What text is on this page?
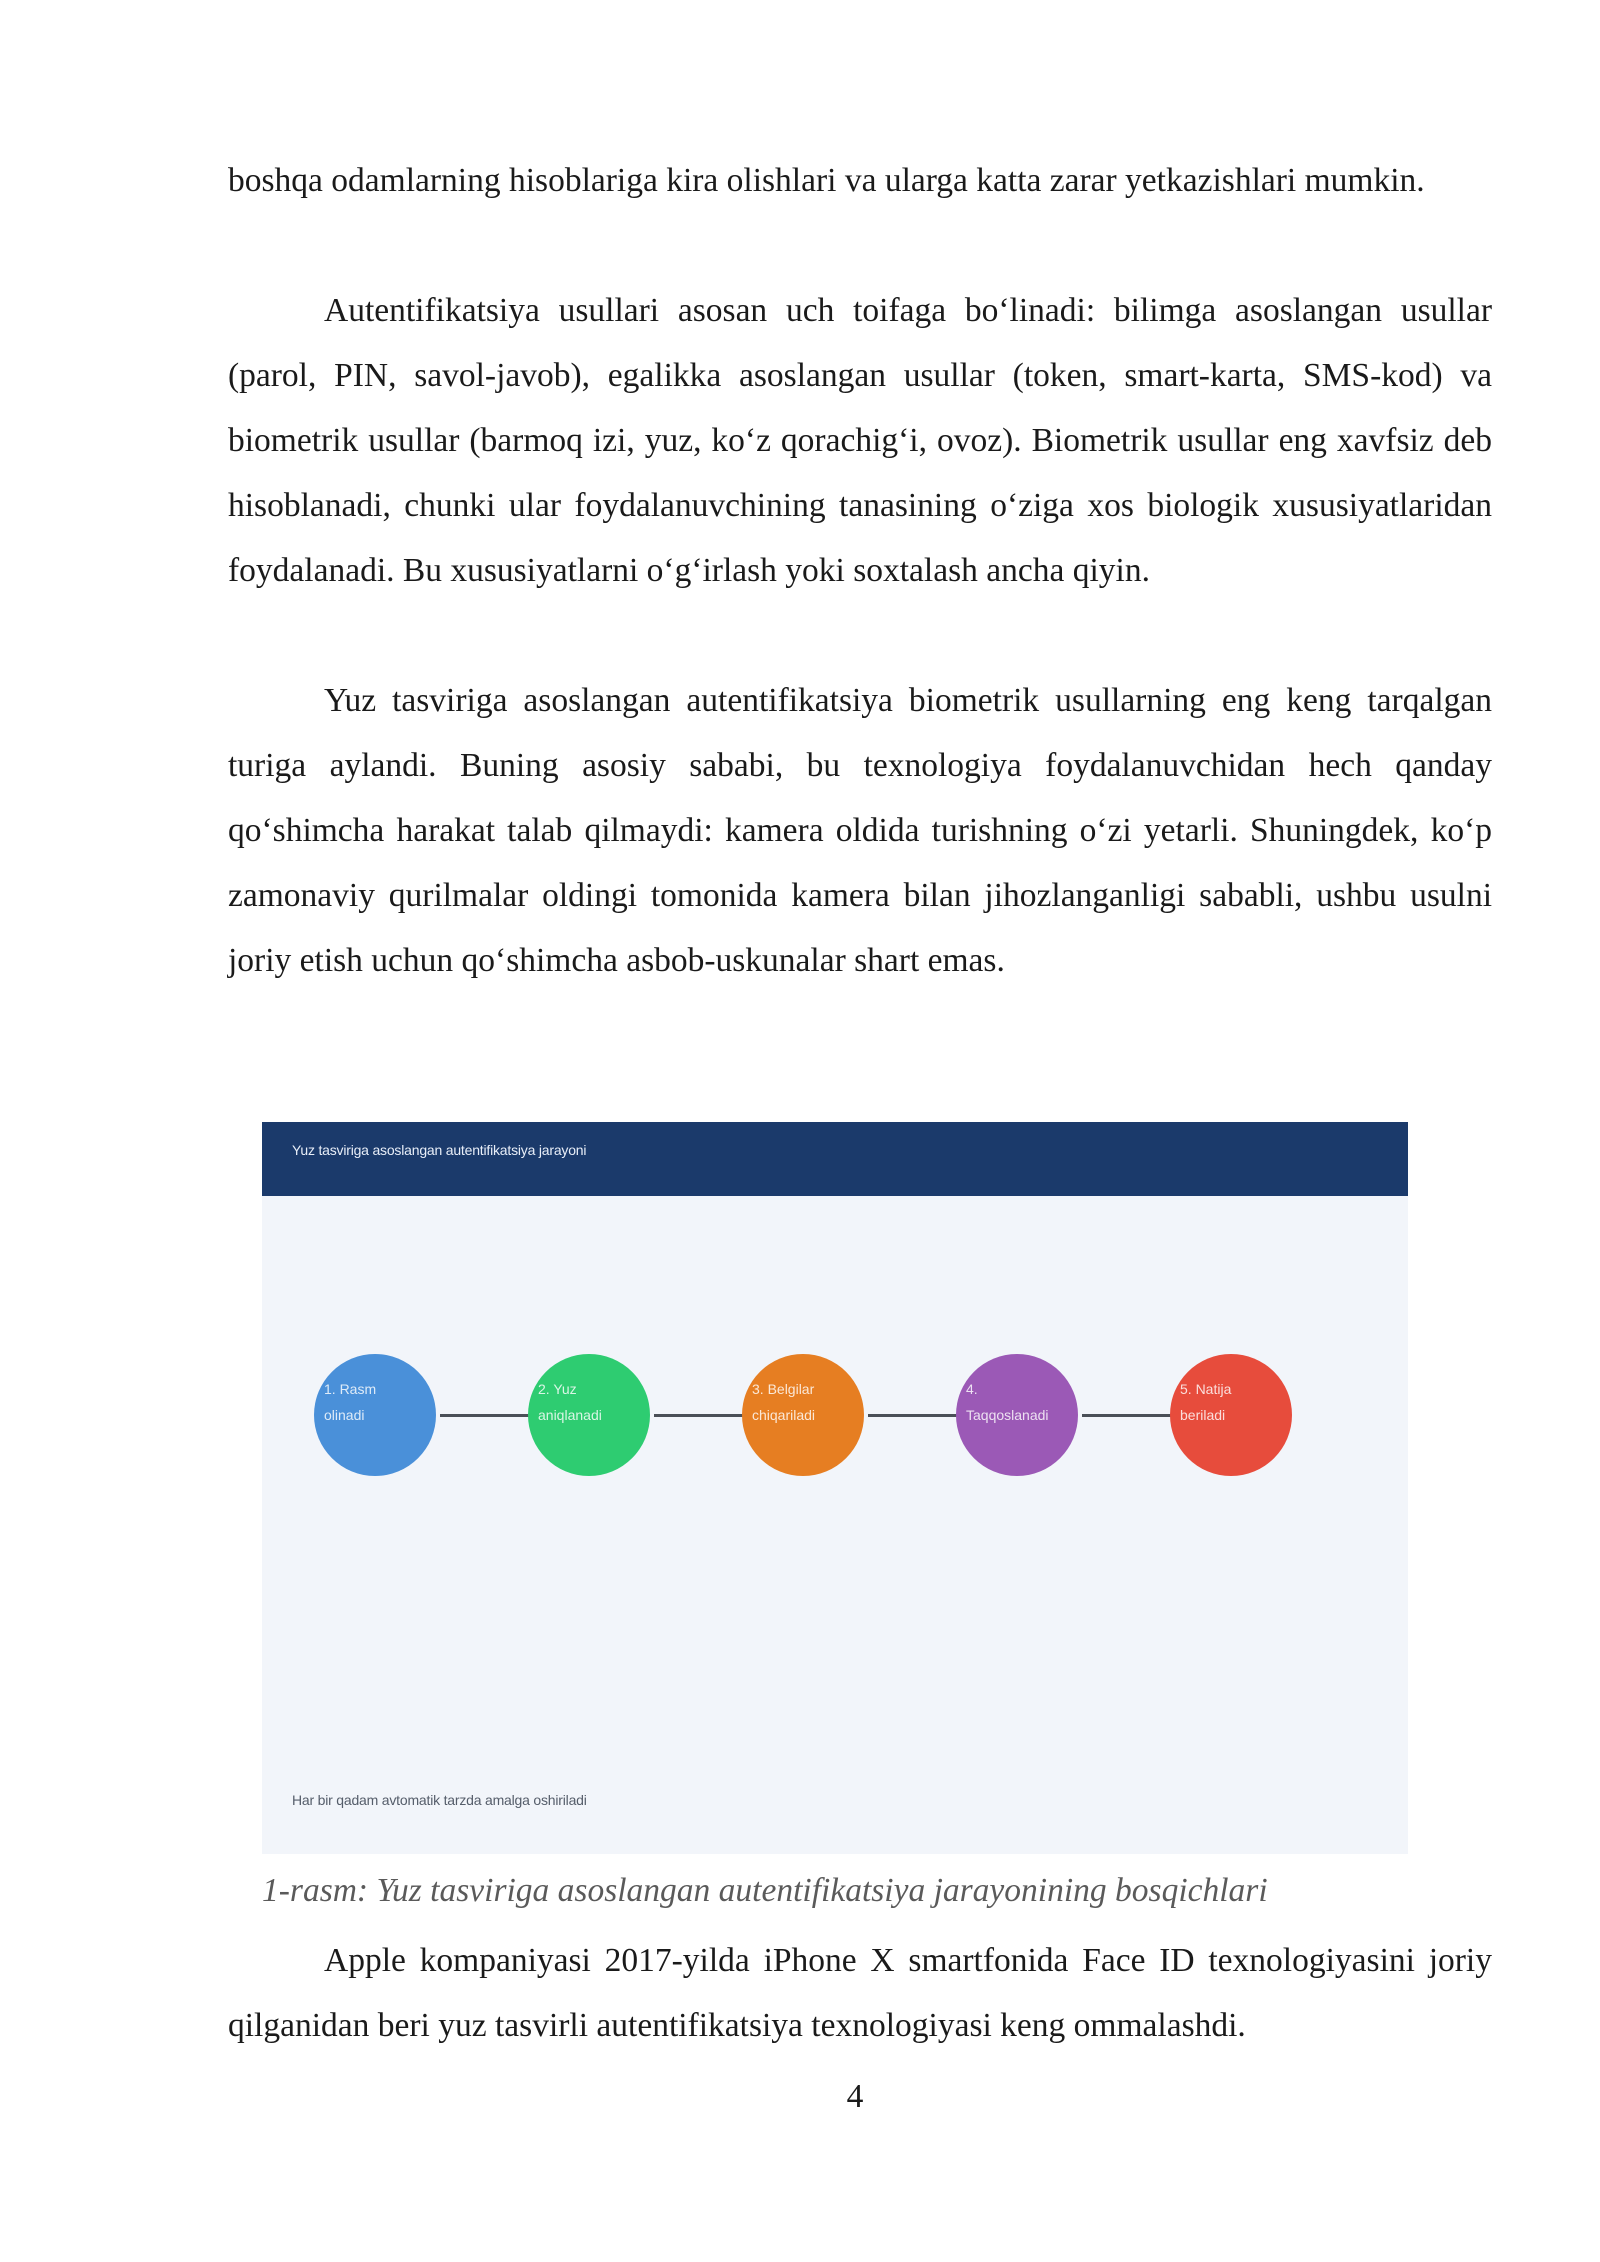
boshqa odamlarning hisoblariga kira olishlari va ularga katta zarar yetkazishlari mumkin.

Autentifikatsiya usullari asosan uch toifaga bo‘linadi: bilimga asoslangan usullar (parol, PIN, savol-javob), egalikka asoslangan usullar (token, smart-karta, SMS-kod) va biometrik usullar (barmoq izi, yuz, ko‘z qorachig‘i, ovoz). Biometrik usullar eng xavfsiz deb hisoblanadi, chunki ular foydalanuvchining tanasining o‘ziga xos biologik xususiyatlaridan foydalanadi. Bu xususiyatlarni o‘g‘irlash yoki soxtalash ancha qiyin.

Yuz tasviriga asoslangan autentifikatsiya biometrik usullarning eng keng tarqalgan turiga aylandi. Buning asosiy sababi, bu texnologiya foydalanuvchidan hech qanday qo‘shimcha harakat talab qilmaydi: kamera oldida turishning o‘zi yetarli. Shuningdek, ko‘p zamonaviy qurilmalar oldingi tomonida kamera bilan jihozlanganligi sababli, ushbu usulni joriy etish uchun qo‘shimcha asbob-uskunalar shart emas.

Yuz tasviriga asoslangan autentifikatsiya jarayoni
1. Rasm olinadi
2. Yuz aniqlanadi
3. Belgilar chiqariladi
4. Taqqoslanadi
5. Natija beriladi
Har bir qadam avtomatik tarzda amalga oshiriladi
1-rasm: Yuz tasviriga asoslangan autentifikatsiya jarayonining bosqichlari

Apple kompaniyasi 2017-yilda iPhone X smartfonida Face ID texnologiyasini joriy qilganidan beri yuz tasvirli autentifikatsiya texnologiyasi keng ommalashdi.

4
